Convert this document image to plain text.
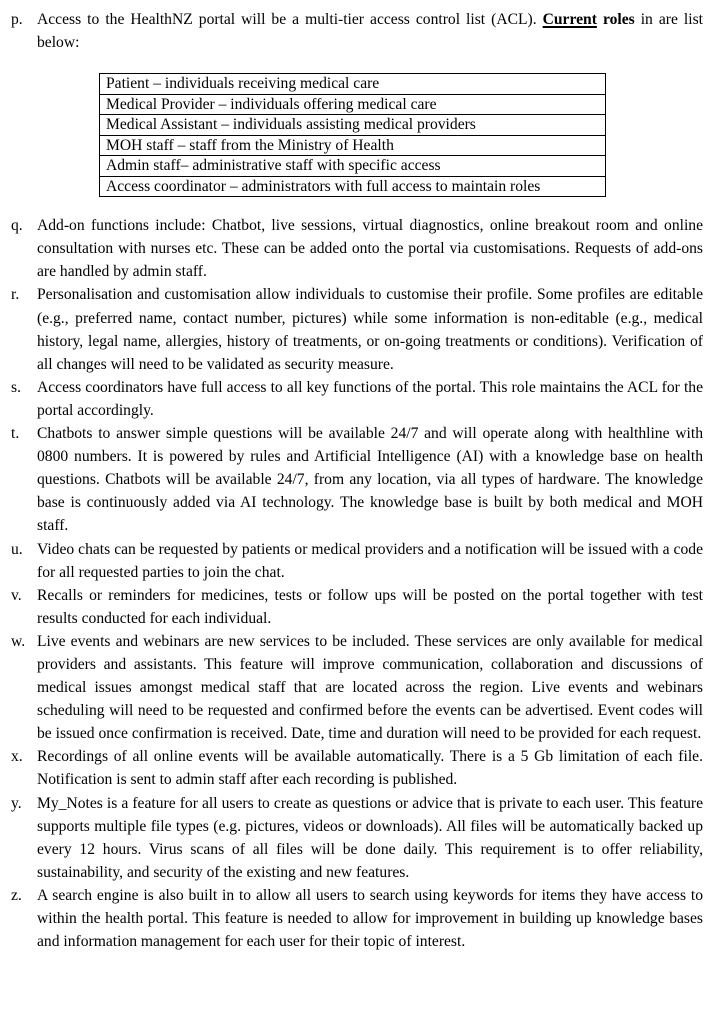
p. Access to the HealthNZ portal will be a multi-tier access control list (ACL). Current roles in are list below:
Patient – individuals receiving medical care
Medical Provider – individuals offering medical care
Medical Assistant – individuals assisting medical providers
MOH staff – staff from the Ministry of Health
Admin staff– administrative staff with specific access
Access coordinator – administrators with full access to maintain roles
q. Add-on functions include: Chatbot, live sessions, virtual diagnostics, online breakout room and online consultation with nurses etc. These can be added onto the portal via customisations. Requests of add-ons are handled by admin staff.
r. Personalisation and customisation allow individuals to customise their profile. Some profiles are editable (e.g., preferred name, contact number, pictures) while some information is non-editable (e.g., medical history, legal name, allergies, history of treatments, or on-going treatments or conditions). Verification of all changes will need to be validated as security measure.
s. Access coordinators have full access to all key functions of the portal. This role maintains the ACL for the portal accordingly.
t. Chatbots to answer simple questions will be available 24/7 and will operate along with healthline with 0800 numbers. It is powered by rules and Artificial Intelligence (AI) with a knowledge base on health questions. Chatbots will be available 24/7, from any location, via all types of hardware. The knowledge base is continuously added via AI technology. The knowledge base is built by both medical and MOH staff.
u. Video chats can be requested by patients or medical providers and a notification will be issued with a code for all requested parties to join the chat.
v. Recalls or reminders for medicines, tests or follow ups will be posted on the portal together with test results conducted for each individual.
w. Live events and webinars are new services to be included. These services are only available for medical providers and assistants. This feature will improve communication, collaboration and discussions of medical issues amongst medical staff that are located across the region. Live events and webinars scheduling will need to be requested and confirmed before the events can be advertised. Event codes will be issued once confirmation is received. Date, time and duration will need to be provided for each request.
x. Recordings of all online events will be available automatically. There is a 5 Gb limitation of each file. Notification is sent to admin staff after each recording is published.
y. My_Notes is a feature for all users to create as questions or advice that is private to each user. This feature supports multiple file types (e.g. pictures, videos or downloads). All files will be automatically backed up every 12 hours. Virus scans of all files will be done daily. This requirement is to offer reliability, sustainability, and security of the existing and new features.
z. A search engine is also built in to allow all users to search using keywords for items they have access to within the health portal. This feature is needed to allow for improvement in building up knowledge bases and information management for each user for their topic of interest.
